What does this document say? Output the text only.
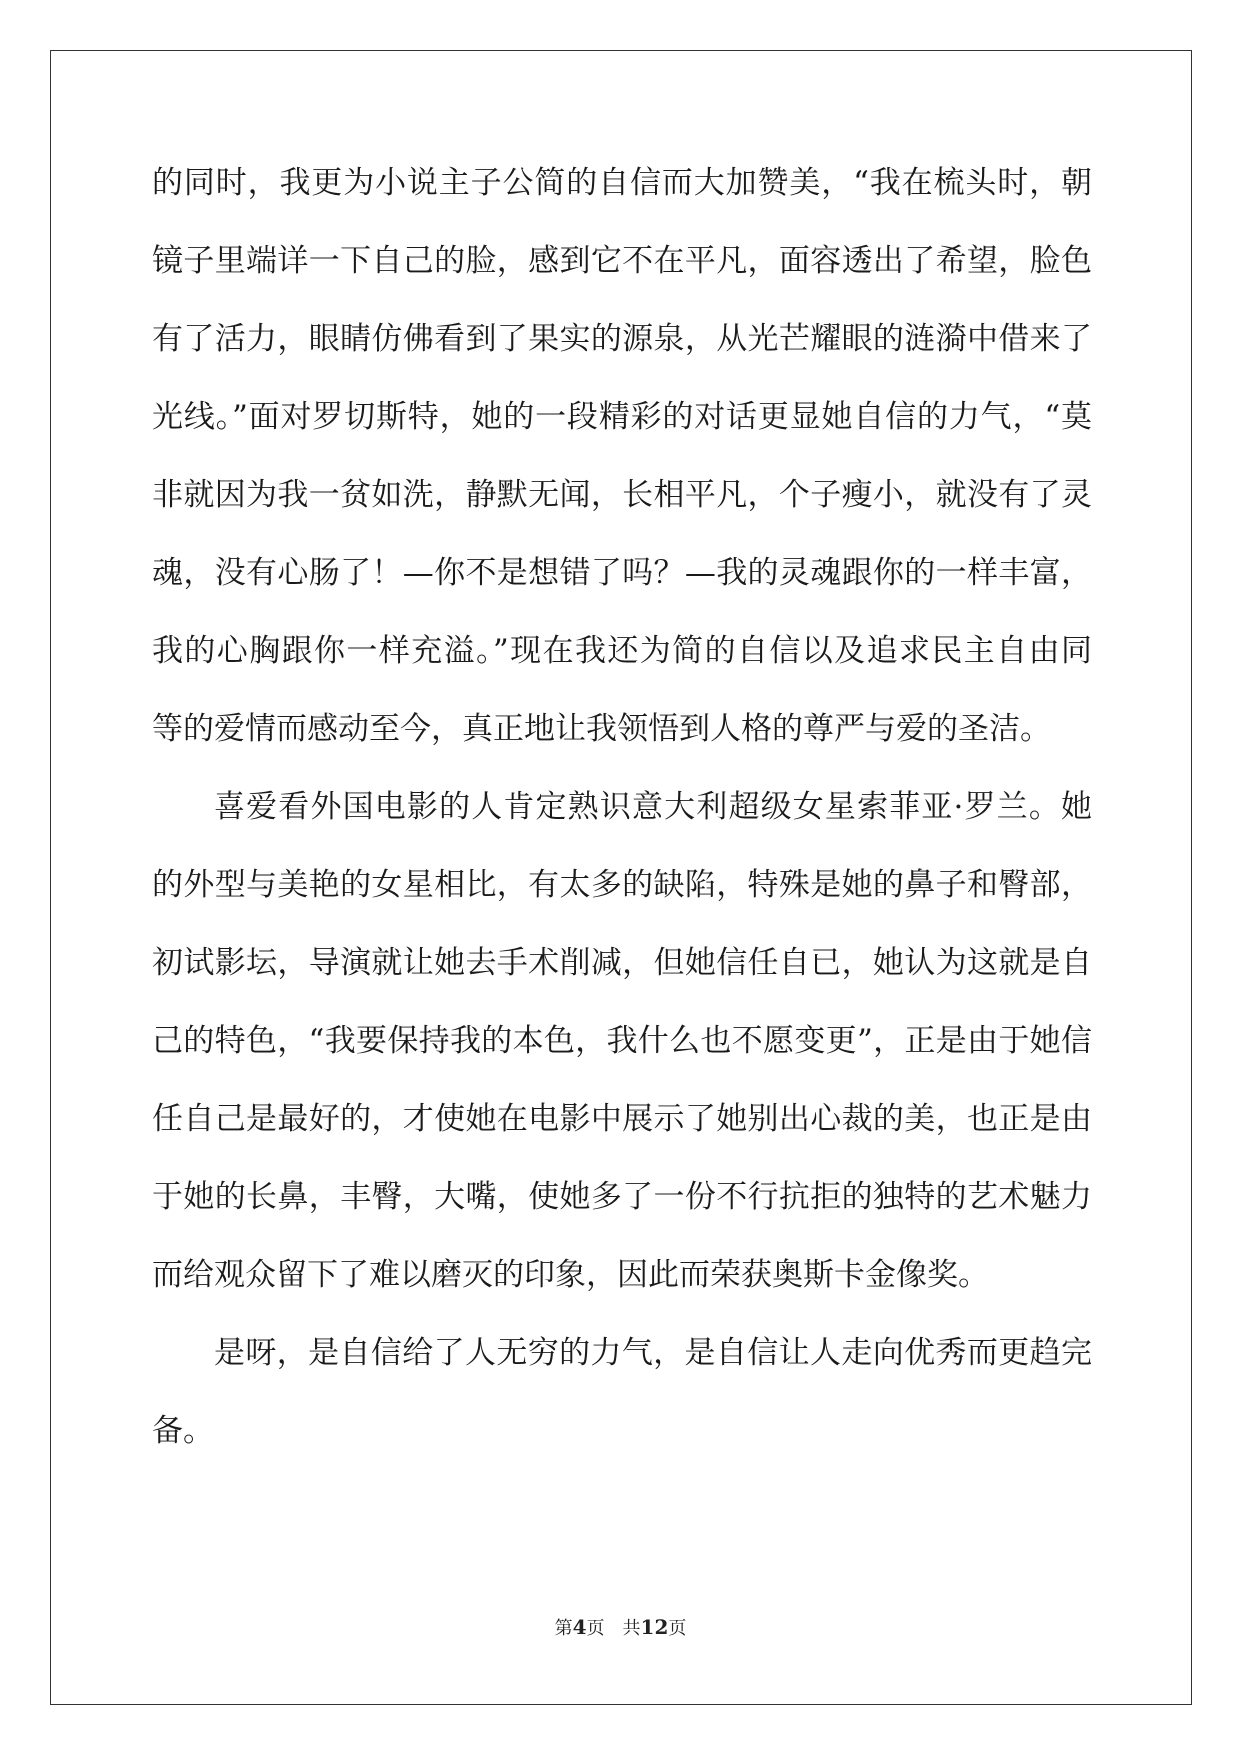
的同时，我更为小说主子公简的自信而大加赞美，“我在梳头时，朝
镜子里端详一下自己的脸，感到它不在平凡，面容透出了希望，脸色
有了活力，眼睛仿佛看到了果实的源泉，从光芒耀眼的涟漪中借来了
光线。”面对罗切斯特，她的一段精彩的对话更显她自信的力气，“莫
非就因为我一贫如洗，静默无闻，长相平凡，个子瘦小，就没有了灵
魂，没有心肠了！—你不是想错了吗？—我的灵魂跟你的一样丰富，
我的心胸跟你一样充溢。”现在我还为简的自信以及追求民主自由同
等的爱情而感动至今，真正地让我领悟到人格的尊严与爱的圣洁。
喜爱看外国电影的人肯定熟识意大利超级女星索菲亚·罗兰。她
的外型与美艳的女星相比，有太多的缺陷，特殊是她的鼻子和臀部，
初试影坛，导演就让她去手术削减，但她信任自已，她认为这就是自
己的特色，“我要保持我的本色，我什么也不愿变更”，正是由于她信
任自己是最好的，才使她在电影中展示了她别出心裁的美，也正是由
于她的长鼻，丰臀，大嘴，使她多了一份不行抗拒的独特的艺术魅力
而给观众留下了难以磨灭的印象，因此而荣获奥斯卡金像奖。
是呀，是自信给了人无穷的力气，是自信让人走向优秀而更趋完
备。
第4页 共12页
